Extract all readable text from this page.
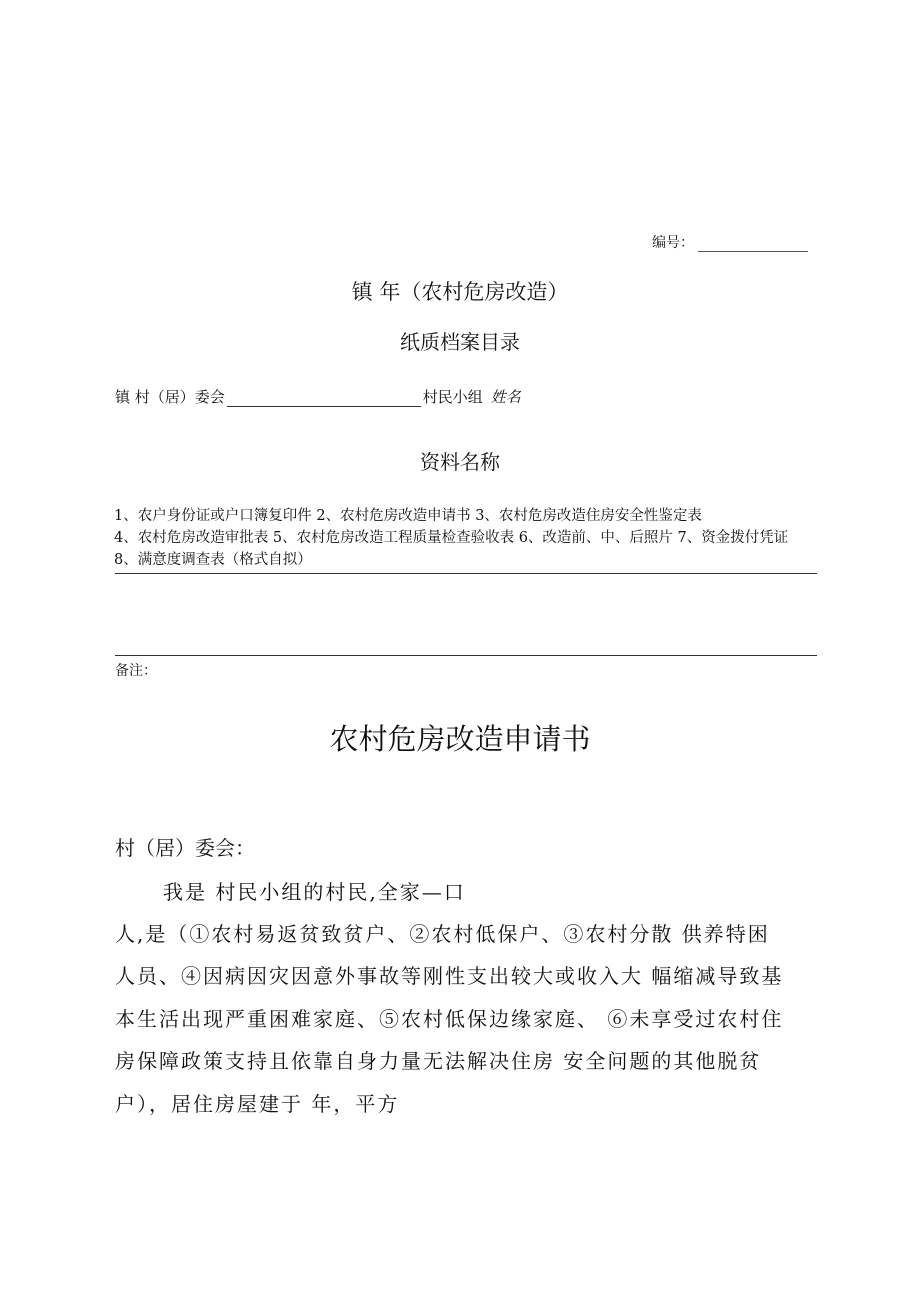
编号：
镇 年（农村危房改造）
纸质档案目录
镇 村（居）委会	村民小组 姓名
资料名称
1、农户身份证或户口簿复印件 2、农村危房改造申请书 3、农村危房改造住房安全性鉴定表 4、农村危房改造审批表 5、农村危房改造工程质量检查验收表 6、改造前、中、后照片 7、资金拨付凭证 8、满意度调查表（格式自拟）
备注：
农村危房改造申请书
村（居）委会：
我是 村民小组的村民,全家—口
人,是（①农村易返贫致贫户、②农村低保户、③农村分散 供养特困
人员、④因病因灾因意外事故等刚性支出较大或收入大 幅缩减导致基
本生活出现严重困难家庭、⑤农村低保边缘家庭、 ⑥未享受过农村住
房保障政策支持且依靠自身力量无法解决住房 安全问题的其他脱贫
户），居住房屋建于 年，平方
